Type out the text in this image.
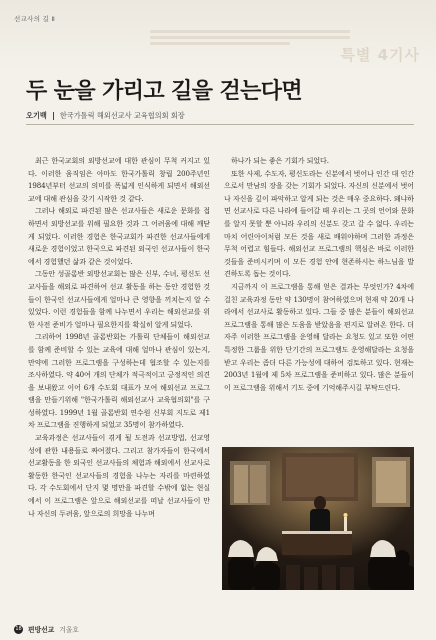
특별 4기사
선교사의 길 Ⅱ
두 눈을 가리고 길을 걷는다면
오기백 한국가톨릭 해외선교사 교육협의회 회장

최근 한국교회의 외방선교에 대한 관심이 무척 커지고 있다. 이러한 움직임은 아마도 한국가톨릭 창립 200주년인 1984년부터 선교의 의미를 폭넓게 인식하게 되면서 해외선교에 대해 관심을 갖기 시작한 것 같다.

그러나 해외로 파견된 많은 선교사들은 새로운 문화를 접하면서 외방선교를 위해 필요한 것과 그 어려움에 대해 깨닫게 되었다. 이러한 경험은 한국교회가 파견한 선교사들에게 새로운 경험이었고 한국으로 파견된 외국인 선교사들이 한국에서 경험했던 삶과 같은 것이었다.

그동안 성골롬반 외방선교회는 많은 신부, 수녀, 평신도 선교사들을 해외로 파견하여 선교 활동을 하는 동안 경험한 것들이 한국인 선교사들에게 얼마나 큰 영향을 끼치는지 알 수 있었다. 이런 경험들을 함께 나누면서 우리는 해외선교를 위한 사전 준비가 얼마나 필요한지를 확실히 알게 되었다.

그리하여 1998년 골롬반회는 가톨릭 단체들이 해외선교를 함께 준비할 수 있는 교육에 대해 얼마나 관심이 있는지, 만약에 그러한 프로그램을 구성하는데 협조할 수 있는지를 조사하였다. 약 40여 개의 단체가 적극적이고 긍정적인 의견을 보내왔고 이어 6개 수도회 대표가 모여 해외선교 프로그램을 만들기위해 "한국가톨릭 해외선교사 교육협의회"를 구성하였다. 1999년 1월 골롬반회 연수원 신부회 지도로 제1차 프로그램을 진행하게 되었고 35명이 참가하였다.

교육과정은 선교사들이 겪게 될 도전과 선교방법, 선교영성에 관한 내용들로 짜여졌다. 그리고 참가자들이 한국에서 선교활동을 한 외국인 선교사들의 체험과 해외에서 선교사로 활동한 한국인 선교사들의 경험을 나누는 자리를 마련하였다. 각 수도회에서 단지 몇 명만을 파견할 수밖에 없는 현실에서 이 프로그램은 앞으로 해외선교를 떠날 선교사들이 만나 자신의 두려움, 앞으로의 희망을 나누며

하나가 되는 좋은 기회가 되었다.

또한 사제, 수도자, 평신도라는 신분에서 벗어나 인간 대 인간으로서 만남의 장을 갖는 기회가 되었다. 자신의 신분에서 벗어나 자신을 깊이 파악하고 알게 되는 것은 매우 중요하다. 왜냐하면 선교사로 다른 나라에 들어갈 때 우리는 그 곳의 언어와 문화를 알지 못할 뿐 아니라 우리의 신분도 갖고 갈 수 없다. 우리는 마치 어린아이처럼 모든 것을 새로 배워야하며 그러한 과정은 무척 어렵고 힘들다. 해외선교 프로그램의 핵심은 바로 이러한 것들을 준비시키며 이 모든 경험 안에 현존하시는 하느님을 발견하도록 돕는 것이다.

지금까지 이 프로그램을 통해 얻은 결과는 무엇인가? 4차에 걸친 교육과정 동안 약 130명이 참여하였으며 현재 약 20개 나라에서 선교사로 활동하고 있다. 그들 중 많은 분들이 해외선교 프로그램을 통해 많은 도움을 받았음을 편지로 알려온 한다. 더 자주 이러한 프로그램을 운영해 달라는 요청도 있고 또한 어떤 특정한 그룹을 위한 단기간의 프로그램도 운영해달라는 요청을 받고 우리는 좀더 다른 가능성에 대하여 검토하고 있다. 현재는 2003년 1월에 제 5차 프로그램을 준비하고 있다. 많은 분들이 이 프로그램을 위해서 기도 중에 기억해주시길 부탁드린다.

18 편방선교 겨울호
